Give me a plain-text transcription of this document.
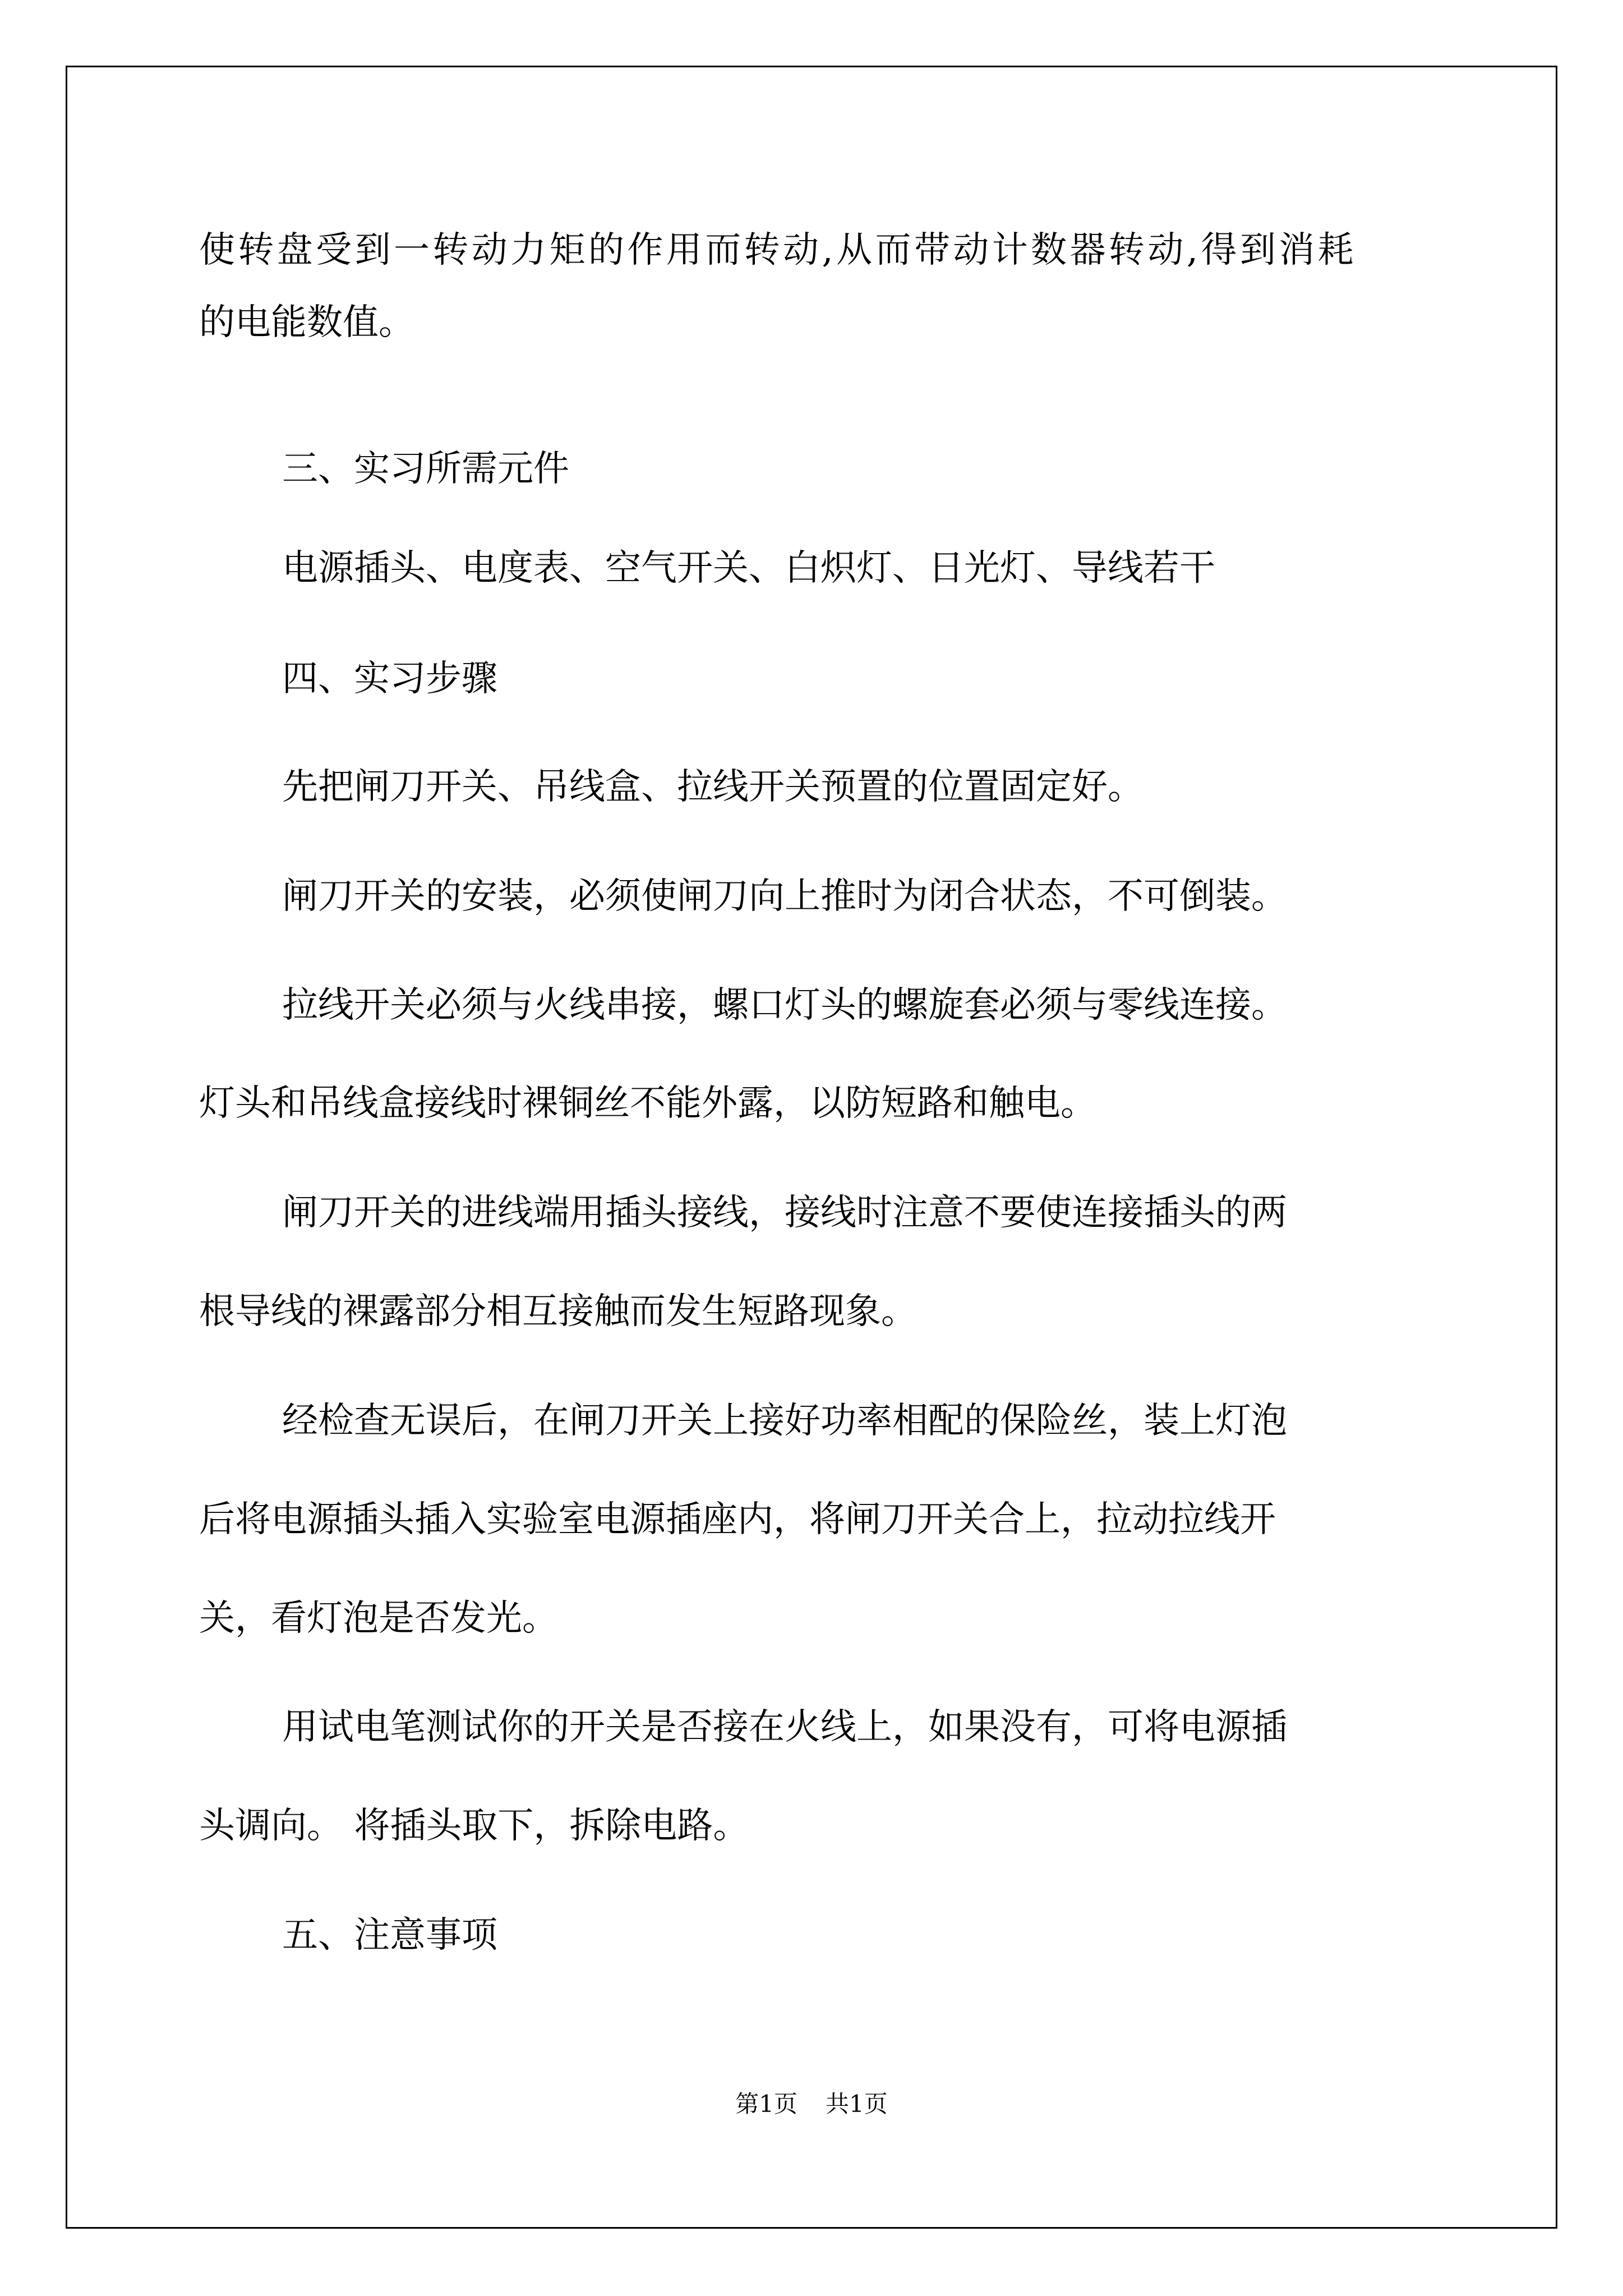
使转盘受到一转动力矩的作用而转动,从而带动计数器转动,得到消耗
的电能数值。
三、实习所需元件
电源插头、电度表、空气开关、白炽灯、日光灯、导线若干
四、实习步骤
先把闸刀开关、吊线盒、拉线开关预置的位置固定好。
闸刀开关的安装，必须使闸刀向上推时为闭合状态，不可倒装。
拉线开关必须与火线串接，螺口灯头的螺旋套必须与零线连接。
灯头和吊线盒接线时裸铜丝不能外露，以防短路和触电。
闸刀开关的进线端用插头接线，接线时注意不要使连接插头的两
根导线的裸露部分相互接触而发生短路现象。
经检查无误后，在闸刀开关上接好功率相配的保险丝，装上灯泡
后将电源插头插入实验室电源插座内，将闸刀开关合上，拉动拉线开
关，看灯泡是否发光。
用试电笔测试你的开关是否接在火线上，如果没有，可将电源插
头调向。 将插头取下，拆除电路。
五、注意事项
第1页 共1页
